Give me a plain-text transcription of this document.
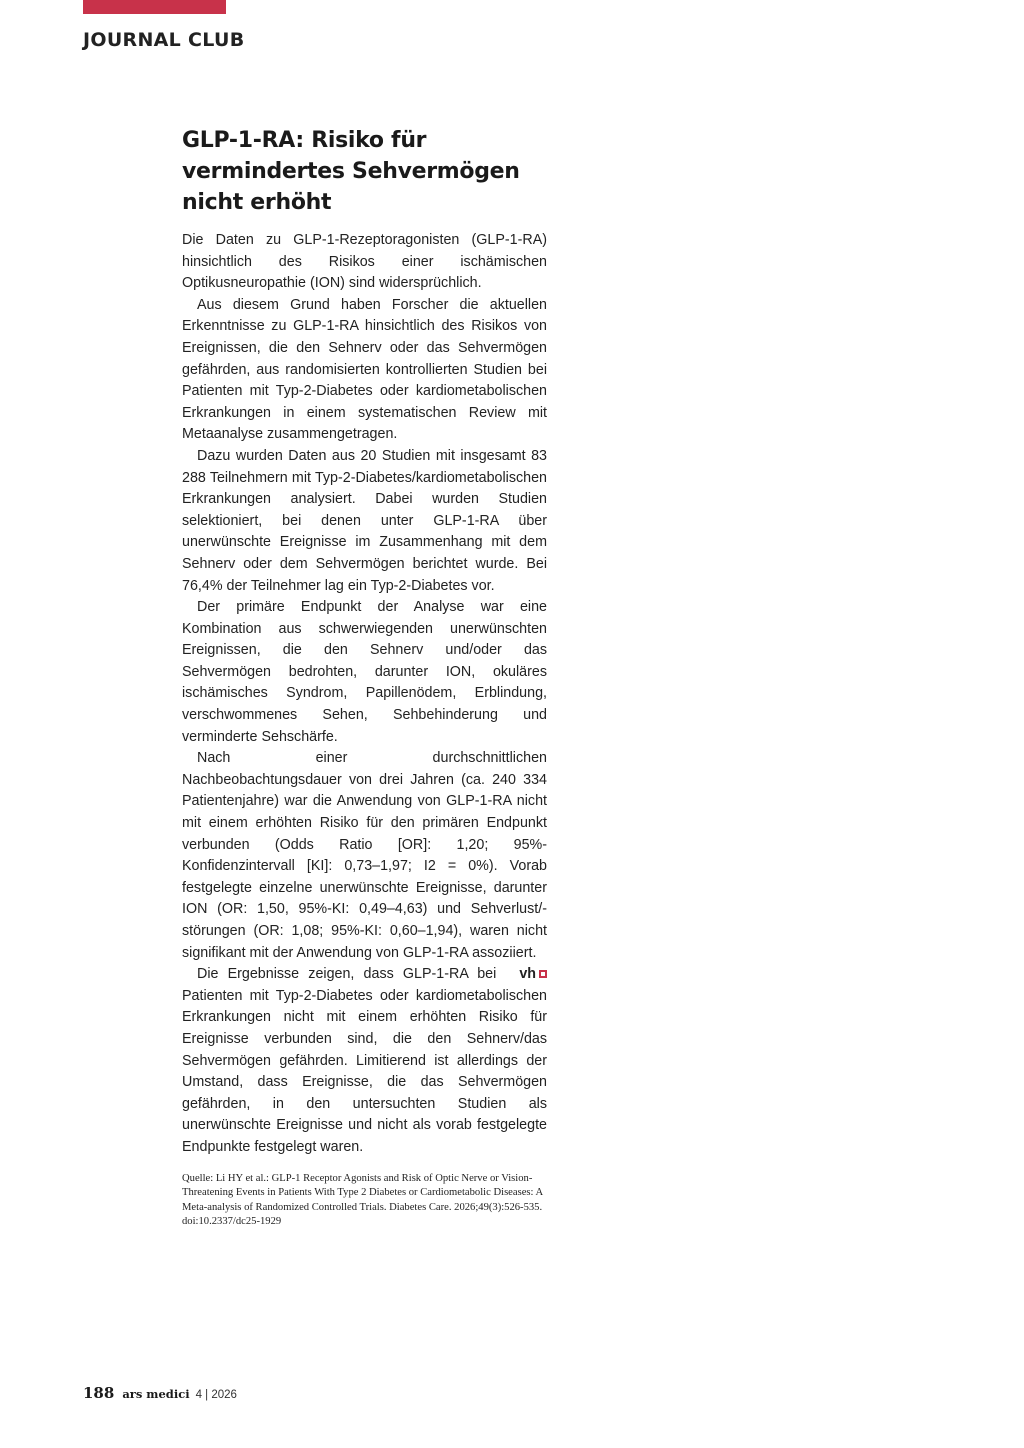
JOURNAL CLUB
GLP-1-RA: Risiko für vermindertes Sehvermögen nicht erhöht

Die Daten zu GLP-1-Rezeptoragonisten (GLP-1-RA) hinsichtlich des Risikos einer ischämischen Optikusneuropathie (ION) sind widersprüchlich.

Aus diesem Grund haben Forscher die aktuellen Erkenntnisse zu GLP-1-RA hinsichtlich des Risikos von Ereignissen, die den Sehnerv oder das Sehvermögen gefährden, aus randomisierten kontrollierten Studien bei Patienten mit Typ-2-Diabetes oder kardiometabolischen Erkrankungen in einem systematischen Review mit Metaanalyse zusammengetragen.

Dazu wurden Daten aus 20 Studien mit insgesamt 83 288 Teilnehmern mit Typ-2-Diabetes/kardiometabolischen Erkrankungen analysiert. Dabei wurden Studien selektioniert, bei denen unter GLP-1-RA über unerwünschte Ereignisse im Zusammenhang mit dem Sehnerv oder dem Sehvermögen berichtet wurde. Bei 76,4% der Teilnehmer lag ein Typ-2-Diabetes vor.

Der primäre Endpunkt der Analyse war eine Kombination aus schwerwiegenden unerwünschten Ereignissen, die den Sehnerv und/oder das Sehvermögen bedrohten, darunter ION, okuläres ischämisches Syndrom, Papillenödem, Erblindung, verschwommenes Sehen, Sehbehinderung und verminderte Sehschärfe.

Nach einer durchschnittlichen Nachbeobachtungsdauer von drei Jahren (ca. 240 334 Patientenjahre) war die Anwendung von GLP-1-RA nicht mit einem erhöhten Risiko für den primären Endpunkt verbunden (Odds Ratio [OR]: 1,20; 95%-Konfidenzintervall [KI]: 0,73–1,97; I2 = 0%). Vorab festgelegte einzelne unerwünschte Ereignisse, darunter ION (OR: 1,50, 95%-KI: 0,49–4,63) und Sehverlust/-störungen (OR: 1,08; 95%-KI: 0,60–1,94), waren nicht signifikant mit der Anwendung von GLP-1-RA assoziiert.

vh
Die Ergebnisse zeigen, dass GLP-1-RA bei Patienten mit Typ-2-Diabetes oder kardiometabolischen Erkrankungen nicht mit einem erhöhten Risiko für Ereignisse verbunden sind, die den Sehnerv/das Sehvermögen gefährden. Limitierend ist allerdings der Umstand, dass Ereignisse, die das Sehvermögen gefährden, in den untersuchten Studien als unerwünschte Ereignisse und nicht als vorab festgelegte Endpunkte festgelegt waren.

Quelle: Li HY et al.: GLP-1 Receptor Agonists and Risk of Optic Nerve or Vision-Threatening Events in Patients With Type 2 Diabetes or Cardiometabolic Diseases: A Meta-analysis of Randomized Controlled Trials. Diabetes Care. 2026;49(3):526-535. doi:10.2337/dc25-1929
188 ars medici 4 | 2026
